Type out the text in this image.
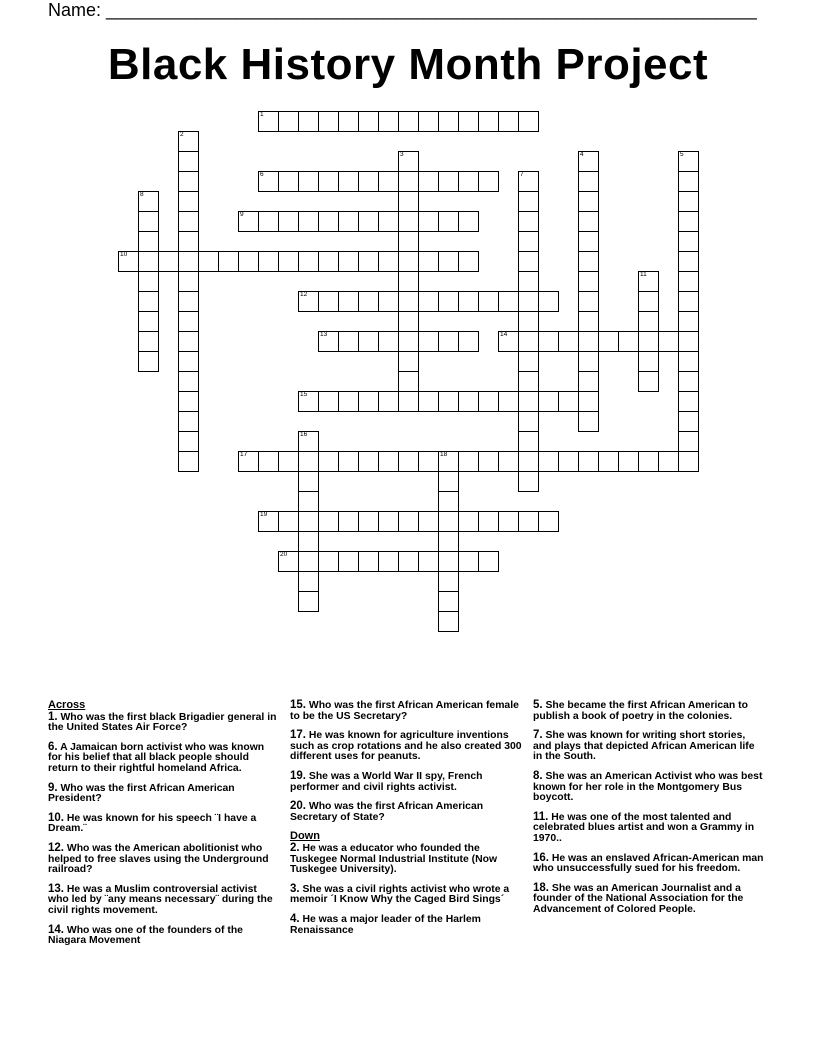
Name: _________________________________________________________________
Black History Month Project
1
2
3	4	5
6	7
8
9
10
11
12
13	14
15
16
17	18
19
20
Across
1. Who was the first black Brigadier general in the United States Air Force?
6. A Jamaican born activist who was known for his belief that all black people should return to their rightful homeland Africa.
9. Who was the first African American President?
10. He was known for his speech ¨I have a Dream.¨
12. Who was the American abolitionist who helped to free slaves using the Underground railroad?
13. He was a Muslim controversial activist who led by ¨any means necessary¨ during the civil rights movement.
14. Who was one of the founders of the Niagara Movement
15. Who was the first African American female to be the US Secretary?
17. He was known for agriculture inventions such as crop rotations and he also created 300 different uses for peanuts.
19. She was a World War II spy, French performer and civil rights activist.
20. Who was the first African American Secretary of State?
Down
2. He was a educator who founded the Tuskegee Normal Industrial Institute (Now Tuskegee University).
3. She was a civil rights activist who wrote a memoir ´I Know Why the Caged Bird Sings´
4. He was a major leader of the Harlem Renaissance
5. She became the first African American to publish a book of poetry in the colonies.
7. She was known for writing short stories, and plays that depicted African American life in the South.
8. She was an American Activist who was best known for her role in the Montgomery Bus boycott.
11. He was one of the most talented and celebrated blues artist and won a Grammy in 1970..
16. He was an enslaved African-American man who unsuccessfully sued for his freedom.
18. She was an American Journalist and a founder of the National Association for the Advancement of Colored People.
